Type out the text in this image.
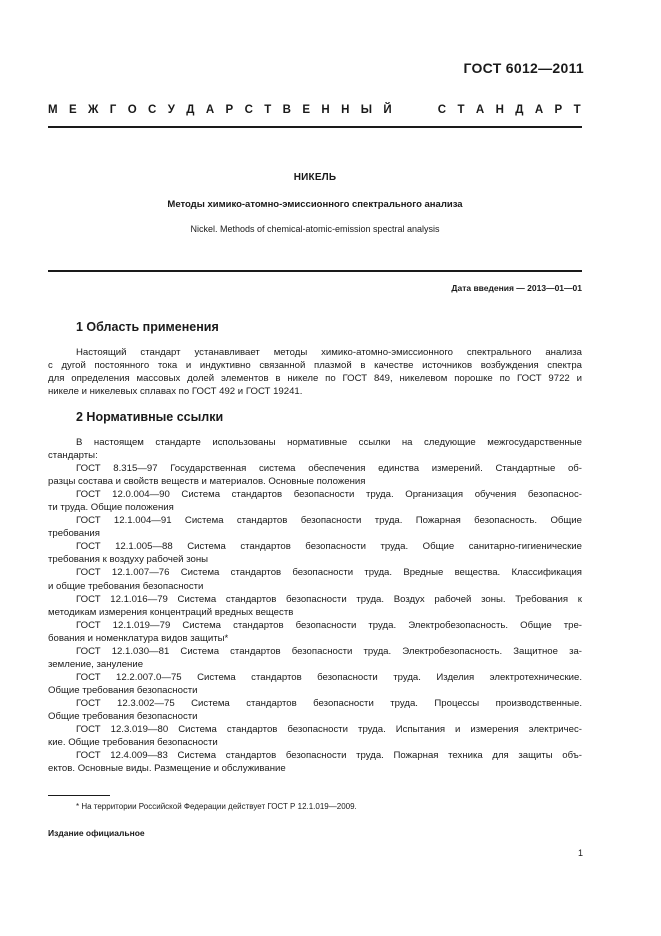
ГОСТ 6012—2011
М Е Ж Г О С У Д А Р С Т В Е Н Н Ы Й	С Т А Н Д А Р Т
НИКЕЛЬ
Методы химико-атомно-эмиссионного спектрального анализа
Nickel. Methods of chemical-atomic-emission spectral analysis
Дата введения — 2013—01—01
1 Область применения
Настоящий стандарт устанавливает методы химико-атомно-эмиссионного спектрального анализа
с дугой постоянного тока и индуктивно связанной плазмой в качестве источников возбуждения спектра
для определения массовых долей элементов в никеле по ГОСТ 849, никелевом порошке по ГОСТ 9722 и
никеле и никелевых сплавах по ГОСТ 492 и ГОСТ 19241.
2 Нормативные ссылки
В настоящем стандарте использованы нормативные ссылки на следующие межгосударственные
стандарты:
ГОСТ 8.315—97 Государственная система обеспечения единства измерений. Стандартные об-
разцы состава и свойств веществ и материалов. Основные положения
ГОСТ 12.0.004—90 Система стандартов безопасности труда. Организация обучения безопаснос-
ти труда. Общие положения
ГОСТ 12.1.004—91 Система стандартов безопасности труда. Пожарная безопасность. Общие
требования
ГОСТ 12.1.005—88 Система стандартов безопасности труда. Общие санитарно-гигиенические
требования к воздуху рабочей зоны
ГОСТ 12.1.007—76 Система стандартов безопасности труда. Вредные вещества. Классификация
и общие требования безопасности
ГОСТ 12.1.016—79 Система стандартов безопасности труда. Воздух рабочей зоны. Требования к
методикам измерения концентраций вредных веществ
ГОСТ 12.1.019—79 Система стандартов безопасности труда. Электробезопасность. Общие тре-
бования и номенклатура видов защиты*
ГОСТ 12.1.030—81 Система стандартов безопасности труда. Электробезопасность. Защитное за-
земление, зануление
ГОСТ 12.2.007.0—75 Система стандартов безопасности труда. Изделия электротехнические.
Общие требования безопасности
ГОСТ 12.3.002—75 Система стандартов безопасности труда. Процессы производственные.
Общие требования безопасности
ГОСТ 12.3.019—80 Система стандартов безопасности труда. Испытания и измерения электричес-
кие. Общие требования безопасности
ГОСТ 12.4.009—83 Система стандартов безопасности труда. Пожарная техника для защиты объ-
ектов. Основные виды. Размещение и обслуживание
* На территории Российской Федерации действует ГОСТ Р 12.1.019—2009.
Издание официальное
1
